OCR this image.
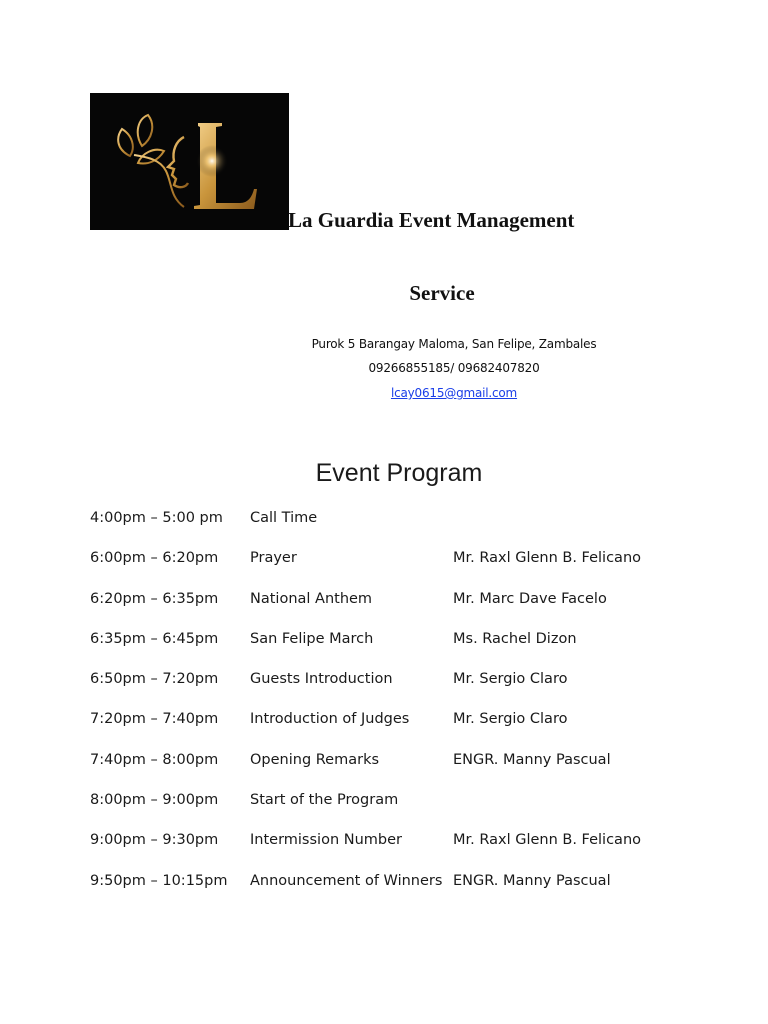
La Guardia Event Management
Service
Purok 5 Barangay Maloma, San Felipe, Zambales
09266855185/ 09682407820
lcay0615@gmail.com
Event Program
4:00pm – 5:00 pm Call Time
6:00pm – 6:20pm Prayer	Mr. Raxl Glenn B. Felicano
6:20pm – 6:35pm National Anthem	Mr. Marc Dave Facelo
6:35pm – 6:45pm San Felipe March	Ms. Rachel Dizon
6:50pm – 7:20pm Guests Introduction	Mr. Sergio Claro
7:20pm – 7:40pm Introduction of Judges	Mr. Sergio Claro
7:40pm – 8:00pm Opening Remarks	ENGR. Manny Pascual
8:00pm – 9:00pm Start of the Program
9:00pm – 9:30pm Intermission Number	Mr. Raxl Glenn B. Felicano
9:50pm – 10:15pm Announcement of Winners ENGR. Manny Pascual
